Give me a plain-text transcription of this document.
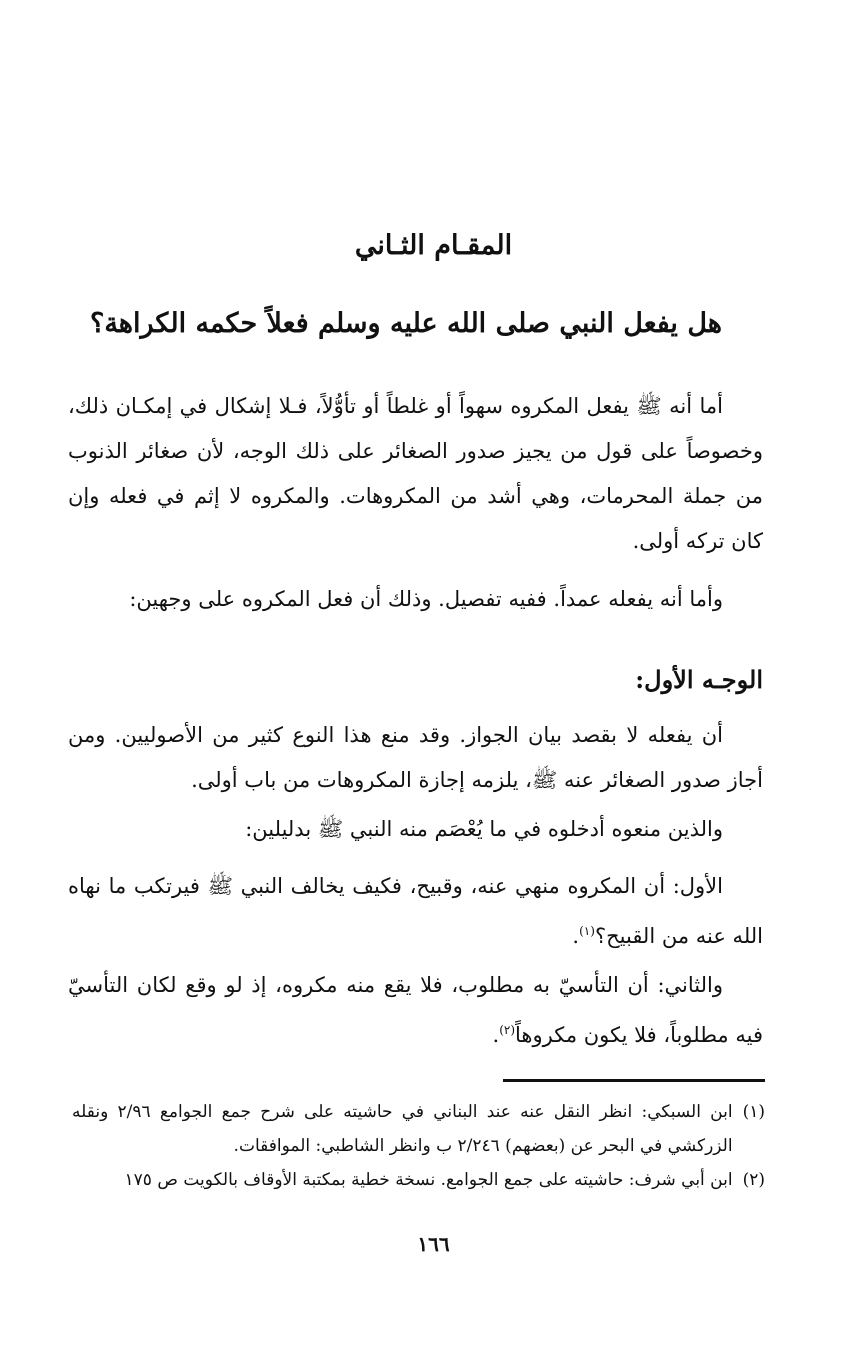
المقـام الثـاني
هل يفعل النبي صلى الله عليه وسلم فعلاً حكمه الكراهة؟
أما أنه ﷺ يفعل المكروه سهواً أو غلطاً أو تأوُّلاً، فـلا إشكال في إمكـان ذلك، وخصوصاً على قول من يجيز صدور الصغائر على ذلك الوجه، لأن صغائر الذنوب من جملة المحرمات، وهي أشد من المكروهات. والمكروه لا إثم في فعله وإن كان تركه أولى.
وأما أنه يفعله عمداً. ففيه تفصيل. وذلك أن فعل المكروه على وجهين:
الوجـه الأول:
أن يفعله لا بقصد بيان الجواز. وقد منع هذا النوع كثير من الأصوليين. ومن أجاز صدور الصغائر عنه ﷺ، يلزمه إجازة المكروهات من باب أولى.
والذين منعوه أدخلوه في ما يُعْصَم منه النبي ﷺ بدليلين:
الأول: أن المكروه منهي عنه، وقبيح، فكيف يخالف النبي ﷺ فيرتكب ما نهاه الله عنه من القبيح؟$^{(١)}$.
والثاني: أن التأسيّ به مطلوب، فلا يقع منه مكروه، إذ لو وقع لكان التأسيّ فيه مطلوباً، فلا يكون مكروهاً$^{(٢)}$.
(١)
ابن السبكي: انظر النقل عنه عند البناني في حاشيته على شرح جمع الجوامع ٢/٩٦ ونقله الزركشي في البحر عن (بعضهم) ٢/٢٤٦ ب وانظر الشاطبي: الموافقات.
(٢)
ابن أبي شرف: حاشيته على جمع الجوامع. نسخة خطية بمكتبة الأوقاف بالكويت ص ١٧٥
١٦٦
